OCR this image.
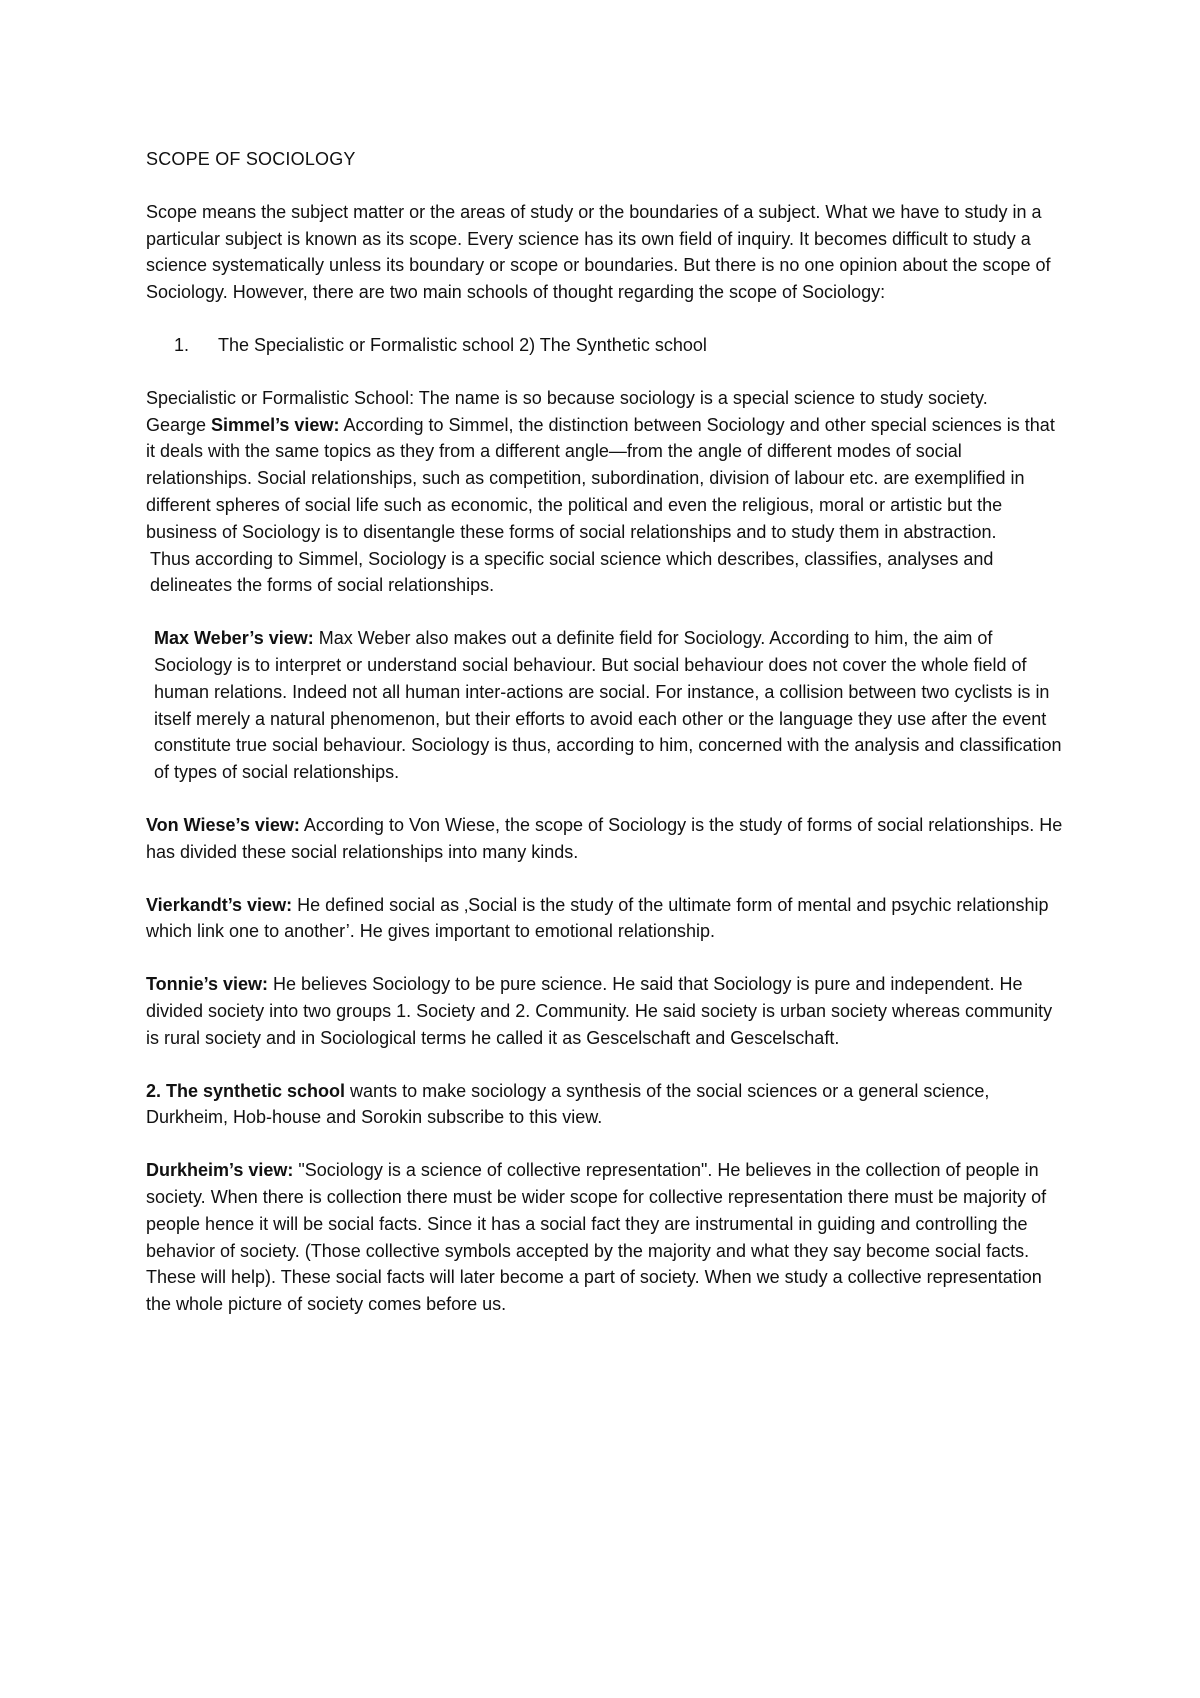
SCOPE OF SOCIOLOGY

Scope means the subject matter or the areas of study or the boundaries of a subject. What we have to study in a particular subject is known as its scope. Every science has its own field of inquiry. It becomes difficult to study a science systematically unless its boundary or scope or boundaries. But there is no one opinion about the scope of Sociology. However, there are two main schools of thought regarding the scope of Sociology:

1. The Specialistic or Formalistic school 2) The Synthetic school

Specialistic or Formalistic School: The name is so because sociology is a special science to study society.

Gearge Simmel’s view: According to Simmel, the distinction between Sociology and other special sciences is that it deals with the same topics as they from a different angle—from the angle of different modes of social relationships. Social relationships, such as competition, subordination, division of labour etc. are exemplified in different spheres of social life such as economic, the political and even the religious, moral or artistic but the business of Sociology is to disentangle these forms of social relationships and to study them in abstraction.

Thus according to Simmel, Sociology is a specific social science which describes, classifies, analyses and delineates the forms of social relationships.

Max Weber’s view: Max Weber also makes out a definite field for Sociology. According to him, the aim of Sociology is to interpret or understand social behaviour. But social behaviour does not cover the whole field of human relations. Indeed not all human inter-actions are social. For instance, a collision between two cyclists is in itself merely a natural phenomenon, but their efforts to avoid each other or the language they use after the event constitute true social behaviour. Sociology is thus, according to him, concerned with the analysis and classification of types of social relationships.

Von Wiese’s view: According to Von Wiese, the scope of Sociology is the study of forms of social relationships. He has divided these social relationships into many kinds.

Vierkandt’s view: He defined social as ‚Social is the study of the ultimate form of mental and psychic relationship which link one to another’. He gives important to emotional relationship.

Tonnie’s view: He believes Sociology to be pure science. He said that Sociology is pure and independent. He divided society into two groups 1. Society and 2. Community. He said society is urban society whereas community is rural society and in Sociological terms he called it as Gescelschaft and Gescelschaft.

2. The synthetic school wants to make sociology a synthesis of the social sciences or a general science, Durkheim, Hob-house and Sorokin subscribe to this view.

Durkheim’s view: "Sociology is a science of collective representation". He believes in the collection of people in society. When there is collection there must be wider scope for collective representation there must be majority of people hence it will be social facts. Since it has a social fact they are instrumental in guiding and controlling the behavior of society. (Those collective symbols accepted by the majority and what they say become social facts. These will help). These social facts will later become a part of society. When we study a collective representation the whole picture of society comes before us.
